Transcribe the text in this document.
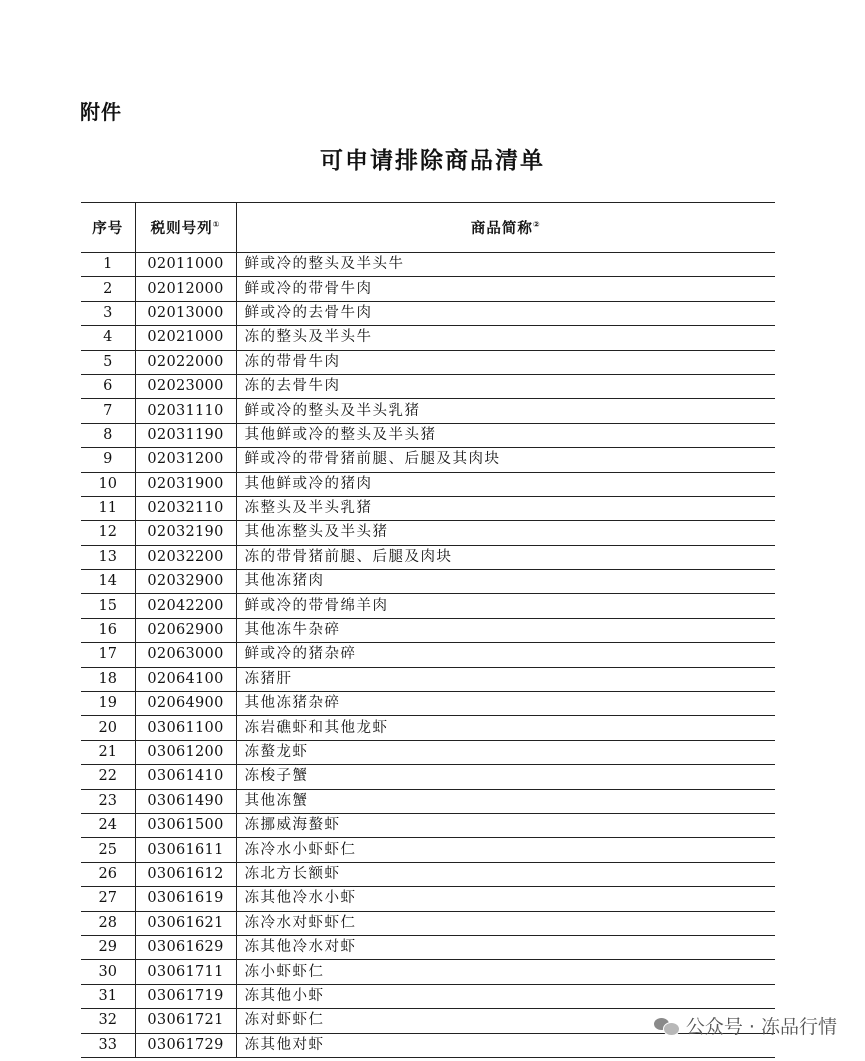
附件
可申请排除商品清单
序号	税则号列①	商品简称②
1	02011000	鲜或冷的整头及半头牛
2	02012000	鲜或冷的带骨牛肉
3	02013000	鲜或冷的去骨牛肉
4	02021000	冻的整头及半头牛
5	02022000	冻的带骨牛肉
6	02023000	冻的去骨牛肉
7	02031110	鲜或冷的整头及半头乳猪
8	02031190	其他鲜或冷的整头及半头猪
9	02031200	鲜或冷的带骨猪前腿、后腿及其肉块
10	02031900	其他鲜或冷的猪肉
11	02032110	冻整头及半头乳猪
12	02032190	其他冻整头及半头猪
13	02032200	冻的带骨猪前腿、后腿及肉块
14	02032900	其他冻猪肉
15	02042200	鲜或冷的带骨绵羊肉
16	02062900	其他冻牛杂碎
17	02063000	鲜或冷的猪杂碎
18	02064100	冻猪肝
19	02064900	其他冻猪杂碎
20	03061100	冻岩礁虾和其他龙虾
21	03061200	冻螯龙虾
22	03061410	冻梭子蟹
23	03061490	其他冻蟹
24	03061500	冻挪威海螯虾
25	03061611	冻冷水小虾虾仁
26	03061612	冻北方长额虾
27	03061619	冻其他冷水小虾
28	03061621	冻冷水对虾虾仁
29	03061629	冻其他冷水对虾
30	03061711	冻小虾虾仁
31	03061719	冻其他小虾
32	03061721	冻对虾虾仁
33	03061729	冻其他对虾
公众号 · 冻品行情
